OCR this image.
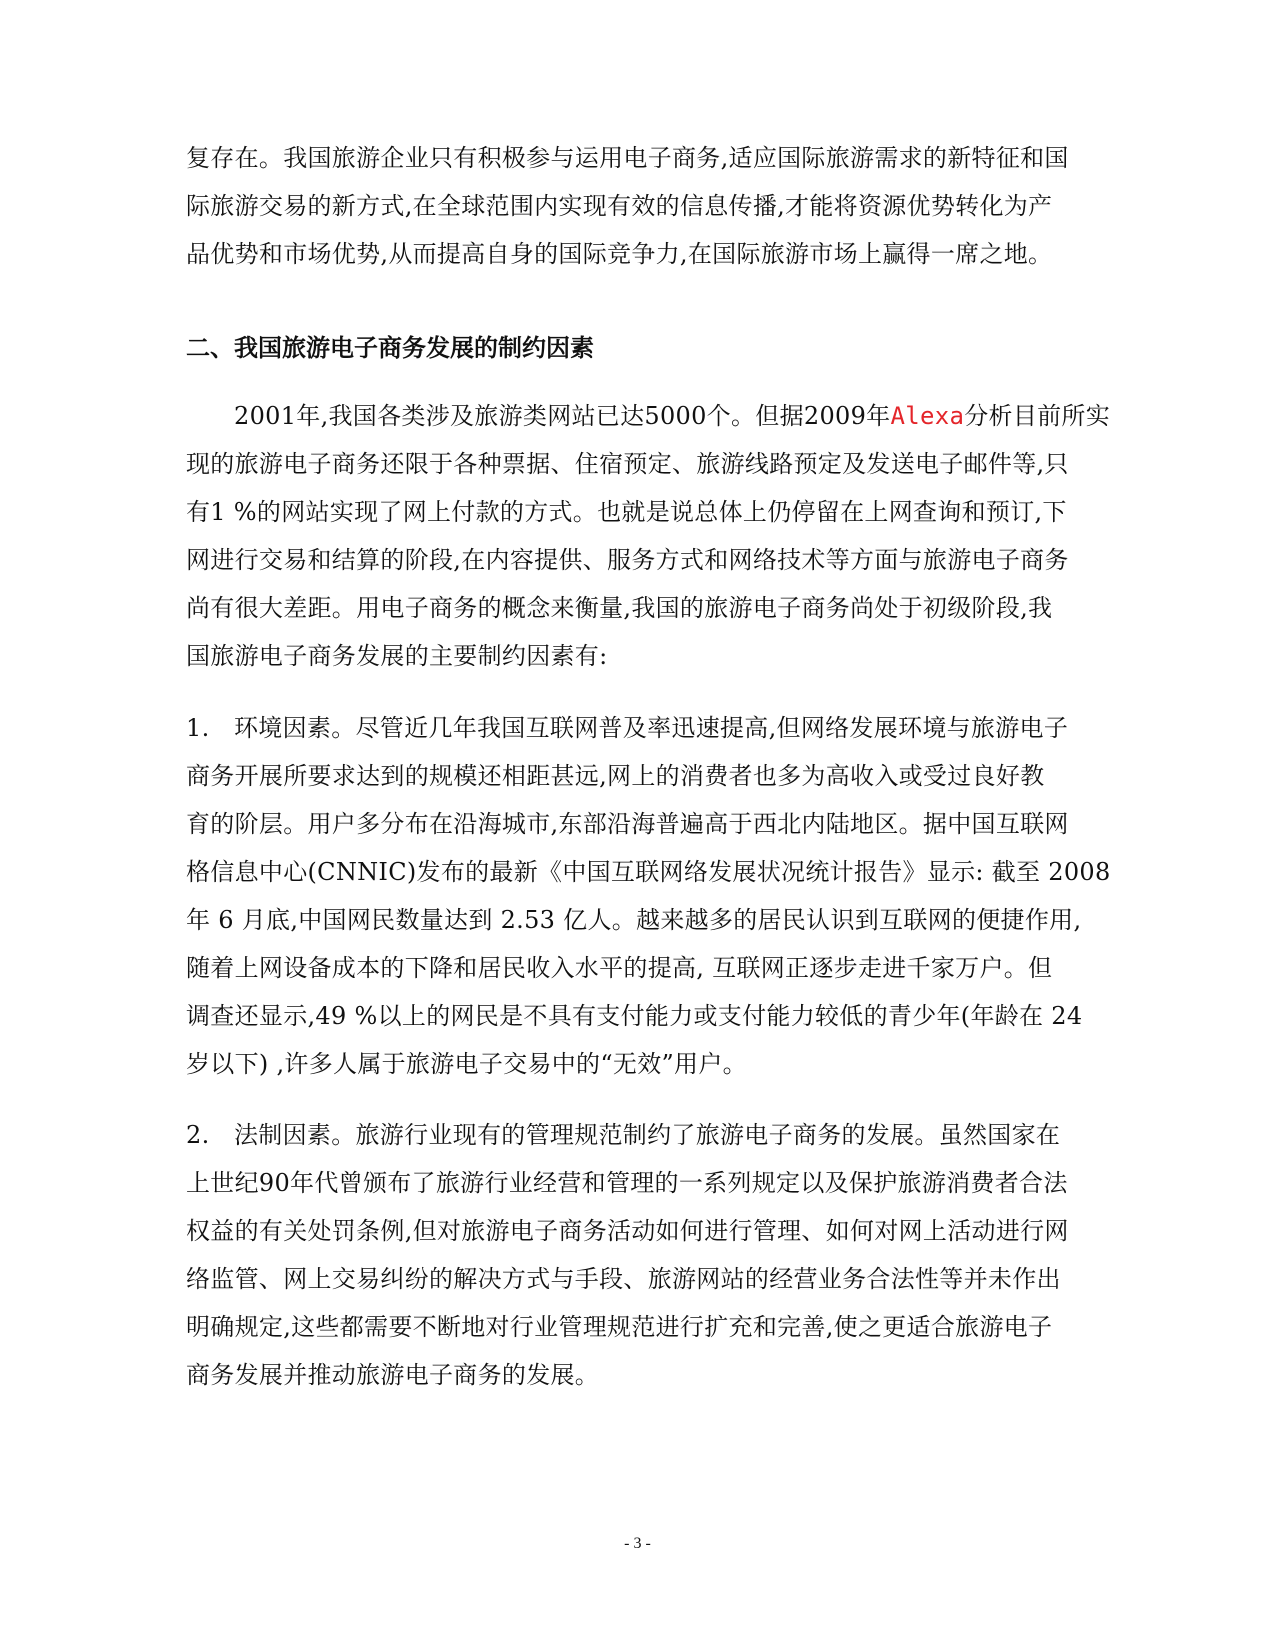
复存在。我国旅游企业只有积极参与运用电子商务,适应国际旅游需求的新特征和国
际旅游交易的新方式,在全球范围内实现有效的信息传播,才能将资源优势转化为产
品优势和市场优势,从而提高自身的国际竞争力,在国际旅游市场上赢得一席之地。
二、我国旅游电子商务发展的制约因素
2001年,我国各类涉及旅游类网站已达5000个。但据2009年Alexa分析目前所实
现的旅游电子商务还限于各种票据、住宿预定、旅游线路预定及发送电子邮件等,只
有1 %的网站实现了网上付款的方式。也就是说总体上仍停留在上网查询和预订,下
网进行交易和结算的阶段,在内容提供、服务方式和网络技术等方面与旅游电子商务
尚有很大差距。用电子商务的概念来衡量,我国的旅游电子商务尚处于初级阶段,我
国旅游电子商务发展的主要制约因素有:
1. 环境因素。尽管近几年我国互联网普及率迅速提高,但网络发展环境与旅游电子
商务开展所要求达到的规模还相距甚远,网上的消费者也多为高收入或受过良好教
育的阶层。用户多分布在沿海城市,东部沿海普遍高于西北内陆地区。据中国互联网
格信息中心(CNNIC)发布的最新《中国互联网络发展状况统计报告》显示: 截至 2008
年 6 月底,中国网民数量达到 2.53 亿人。越来越多的居民认识到互联网的便捷作用,
随着上网设备成本的下降和居民收入水平的提高, 互联网正逐步走进千家万户。但
调查还显示,49 %以上的网民是不具有支付能力或支付能力较低的青少年(年龄在 24
岁以下) ,许多人属于旅游电子交易中的“无效”用户。
2. 法制因素。旅游行业现有的管理规范制约了旅游电子商务的发展。虽然国家在
上世纪90年代曾颁布了旅游行业经营和管理的一系列规定以及保护旅游消费者合法
权益的有关处罚条例,但对旅游电子商务活动如何进行管理、如何对网上活动进行网
络监管、网上交易纠纷的解决方式与手段、旅游网站的经营业务合法性等并未作出
明确规定,这些都需要不断地对行业管理规范进行扩充和完善,使之更适合旅游电子
商务发展并推动旅游电子商务的发展。
- 3 -
